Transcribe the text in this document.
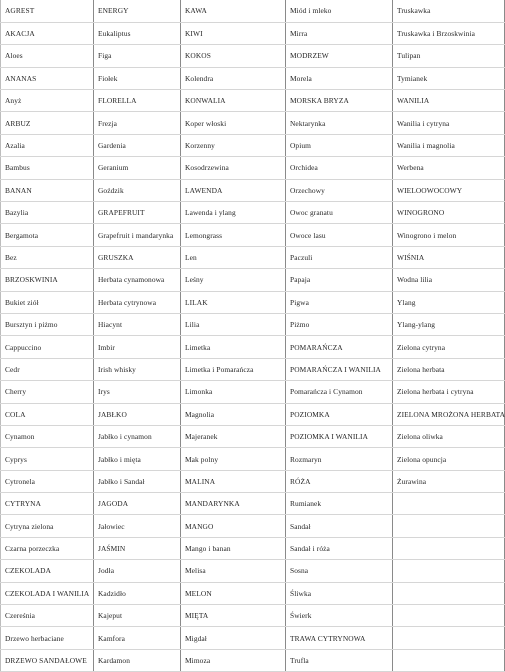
AGREST	ENERGY	KAWA	Miód i mleko	Truskawka
AKACJA	Eukaliptus	KIWI	Mirra	Truskawka i Brzoskwinia
Aloes	Figa	KOKOS	MODRZEW	Tulipan
ANANAS	Fiołek	Kolendra	Morela	Tymianek
Anyż	FLORELLA	KONWALIA	MORSKA BRYZA	WANILIA
ARBUZ	Frezja	Koper włoski	Nektarynka	Wanilia i cytryna
Azalia	Gardenia	Korzenny	Opium	Wanilia i magnolia
Bambus	Geranium	Kosodrzewina	Orchidea	Werbena
BANAN	Goździk	LAWENDA	Orzechowy	WIELOOWOCOWY
Bazylia	GRAPEFRUIT	Lawenda i ylang	Owoc granatu	WINOGRONO
Bergamota	Grapefruit i mandarynka	Lemongrass	Owoce lasu	Winogrono i melon
Bez	GRUSZKA	Len	Paczuli	WIŚNIA
BRZOSKWINIA	Herbata cynamonowa	Leśny	Papaja	Wodna lilia
Bukiet ziół	Herbata cytrynowa	LILAK	Pigwa	Ylang
Bursztyn i piżmo	Hiacynt	Lilia	Piżmo	Ylang-ylang
Cappuccino	Imbir	Limetka	POMARAŃCZA	Zielona cytryna
Cedr	Irish whisky	Limetka i Pomarańcza	POMARAŃCZA I WANILIA	Zielona herbata
Cherry	Irys	Limonka	Pomarańcza i Cynamon	Zielona herbata i cytryna
COLA	JABŁKO	Magnolia	POZIOMKA	ZIELONA MROŻONA HERBATA
Cynamon	Jabłko i cynamon	Majeranek	POZIOMKA I WANILIA	Zielona oliwka
Cyprys	Jabłko i mięta	Mak polny	Rozmaryn	Zielona opuncja
Cytronela	Jabłko i Sandał	MALINA	RÓŻA	Żurawina
CYTRYNA	JAGODA	MANDARYNKA	Rumianek	
Cytryna zielona	Jałowiec	MANGO	Sandał	
Czarna porzeczka	JAŚMIN	Mango i banan	Sandał i róża	
CZEKOLADA	Jodła	Melisa	Sosna	
CZEKOLADA I WANILIA	Kadzidło	MELON	Śliwka	
Czereśnia	Kajeput	MIĘTA	Świerk	
Drzewo herbaciane	Kamfora	Migdał	TRAWA CYTRYNOWA	
DRZEWO SANDAŁOWE	Kardamon	Mimoza	Trufla	
